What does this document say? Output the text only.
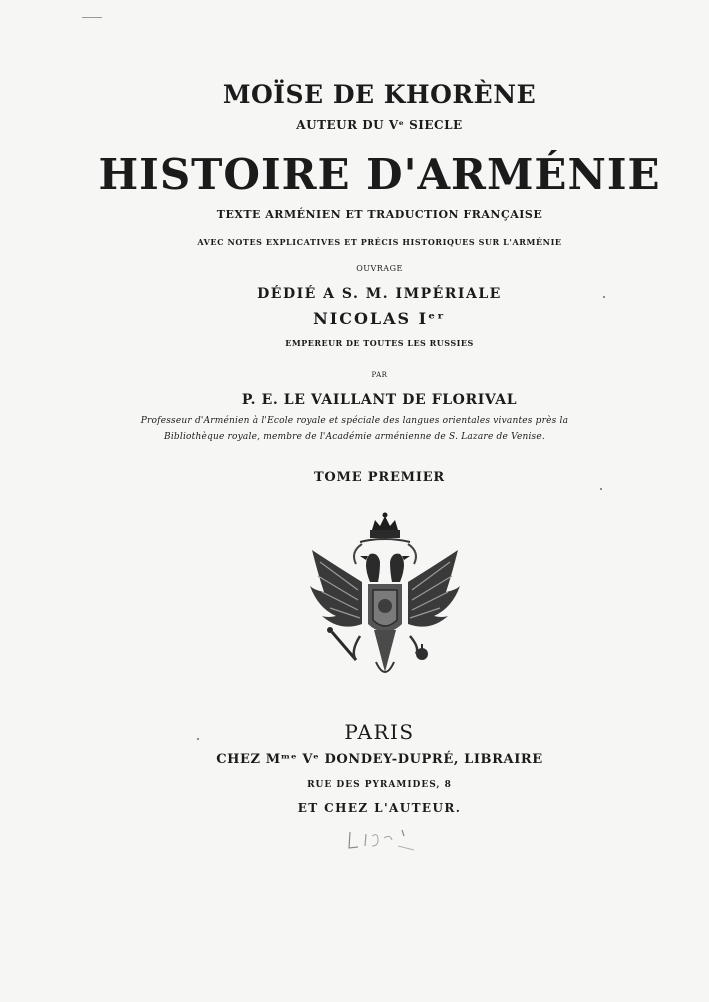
MOÏSE DE KHORÈNE
AUTEUR DU Vᵉ SIECLE
HISTOIRE D'ARMÉNIE
TEXTE ARMÉNIEN ET TRADUCTION FRANÇAISE
AVEC NOTES EXPLICATIVES ET PRÉCIS HISTORIQUES SUR L'ARMÉNIE
OUVRAGE
DÉDIÉ A S. M. IMPÉRIALE
NICOLAS Iᵉʳ
EMPEREUR DE TOUTES LES RUSSIES
PAR
P. E. LE VAILLANT DE FLORIVAL
Professeur d'Arménien à l'Ecole royale et spéciale des langues orientales vivantes près la
Bibliothèque royale, membre de l'Académie arménienne de S. Lazare de Venise.
TOME PREMIER
PARIS
CHEZ Mᵐᵉ Vᵉ DONDEY-DUPRÉ, LIBRAIRE
RUE DES PYRAMIDES, 8
ET CHEZ L'AUTEUR.
